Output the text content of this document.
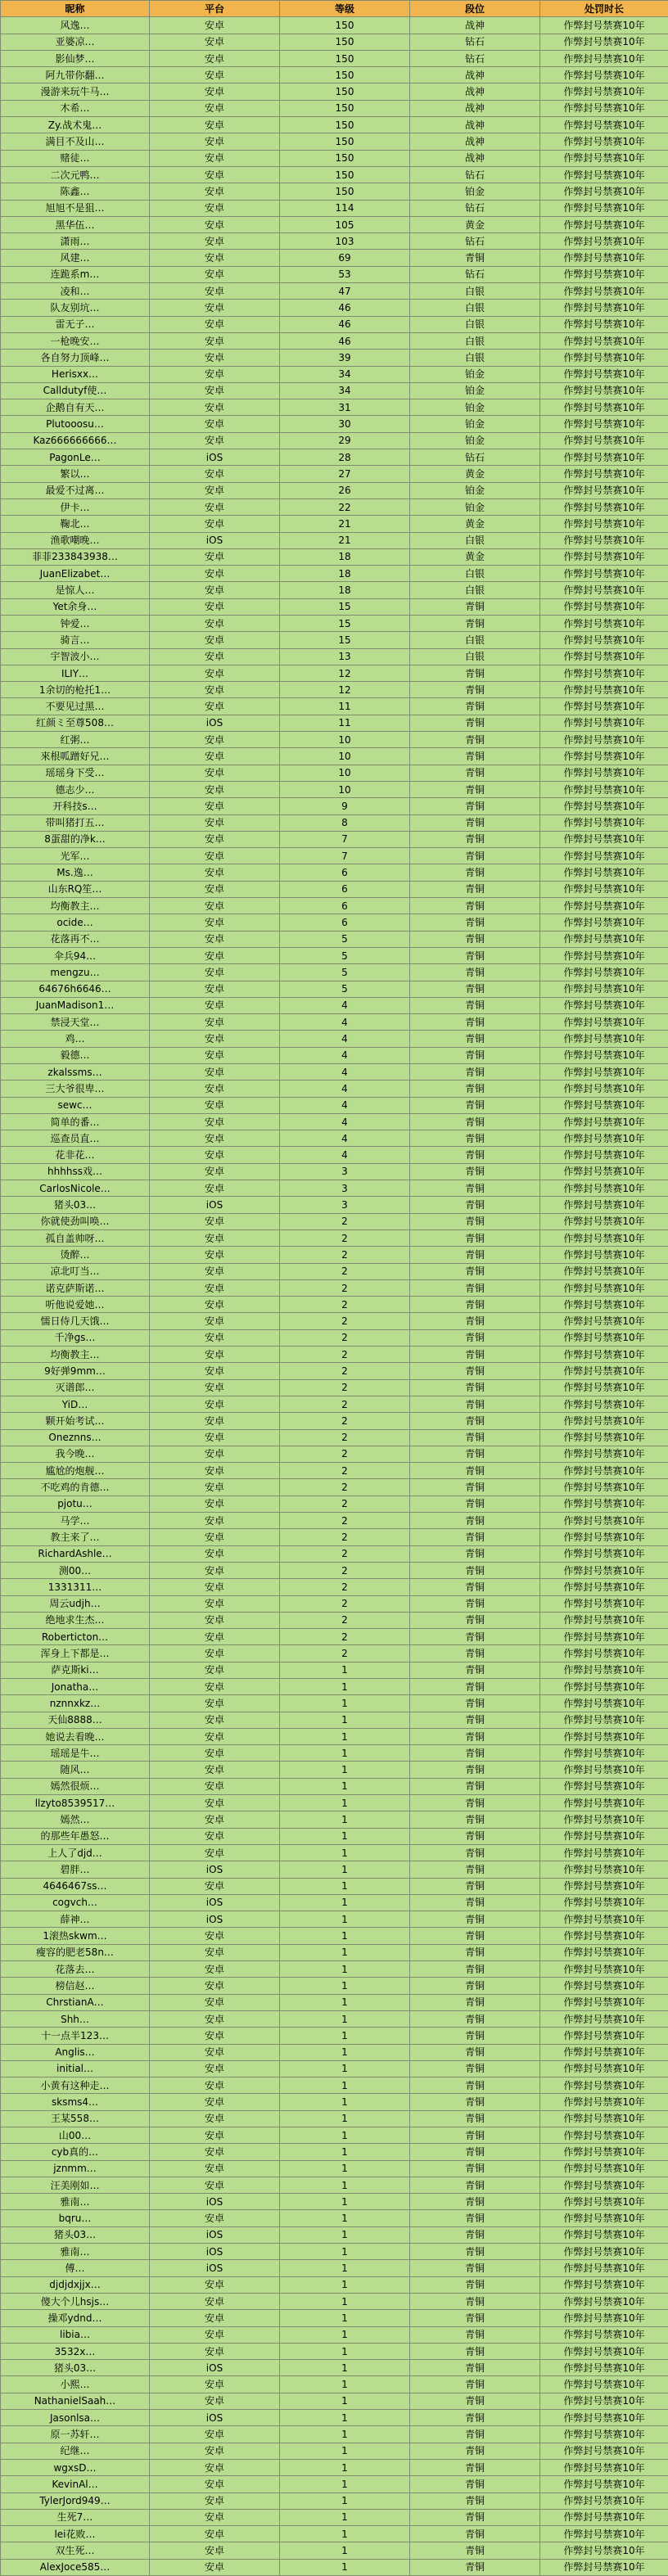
昵称	平台	等级	段位	处罚时长
风逸…	安卓	150	战神	作弊封号禁赛10年
亚婆凉…	安卓	150	钻石	作弊封号禁赛10年
影仙梦…	安卓	150	钻石	作弊封号禁赛10年
阿九带你翻…	安卓	150	战神	作弊封号禁赛10年
漫游来玩牛马…	安卓	150	战神	作弊封号禁赛10年
木希…	安卓	150	战神	作弊封号禁赛10年
Zy.战术鬼…	安卓	150	战神	作弊封号禁赛10年
满目不及山…	安卓	150	战神	作弊封号禁赛10年
赌徒…	安卓	150	战神	作弊封号禁赛10年
二次元鸭…	安卓	150	钻石	作弊封号禁赛10年
陈鑫…	安卓	150	铂金	作弊封号禁赛10年
旭旭不是狙…	安卓	114	钻石	作弊封号禁赛10年
黑华伍…	安卓	105	黄金	作弊封号禁赛10年
潇雨…	安卓	103	钻石	作弊封号禁赛10年
风建…	安卓	69	青铜	作弊封号禁赛10年
连跪系m…	安卓	53	钻石	作弊封号禁赛10年
凌和…	安卓	47	白银	作弊封号禁赛10年
队友别坑…	安卓	46	白银	作弊封号禁赛10年
雷无子…	安卓	46	白银	作弊封号禁赛10年
一枪晚安…	安卓	46	白银	作弊封号禁赛10年
各自努力顶峰…	安卓	39	白银	作弊封号禁赛10年
Herisxx…	安卓	34	铂金	作弊封号禁赛10年
Calldutyf使…	安卓	34	铂金	作弊封号禁赛10年
企鹅自有天…	安卓	31	铂金	作弊封号禁赛10年
Plutooosu…	安卓	30	铂金	作弊封号禁赛10年
Kaz666666666…	安卓	29	铂金	作弊封号禁赛10年
PagonLe…	iOS	28	钻石	作弊封号禁赛10年
繁以…	安卓	27	黄金	作弊封号禁赛10年
最爱不过离…	安卓	26	铂金	作弊封号禁赛10年
伊卡…	安卓	22	铂金	作弊封号禁赛10年
鞠北…	安卓	21	黄金	作弊封号禁赛10年
渔歌嘲晚…	iOS	21	白银	作弊封号禁赛10年
菲菲233843938…	安卓	18	黄金	作弊封号禁赛10年
JuanElizabet…	安卓	18	白银	作弊封号禁赛10年
是惊人…	安卓	18	白银	作弊封号禁赛10年
Yet余身…	安卓	15	青铜	作弊封号禁赛10年
钟爱…	安卓	15	青铜	作弊封号禁赛10年
骑言…	安卓	15	白银	作弊封号禁赛10年
宇智波小…	安卓	13	白银	作弊封号禁赛10年
ILIY…	安卓	12	青铜	作弊封号禁赛10年
1余切的枪托1…	安卓	12	青铜	作弊封号禁赛10年
不要见过黑…	安卓	11	青铜	作弊封号禁赛10年
红颜ミ至尊508…	iOS	11	青铜	作弊封号禁赛10年
红粥…	安卓	10	青铜	作弊封号禁赛10年
來根呱蹭好兄…	安卓	10	青铜	作弊封号禁赛10年
瑶瑶身下受…	安卓	10	青铜	作弊封号禁赛10年
德志少…	安卓	10	青铜	作弊封号禁赛10年
开科技s…	安卓	9	青铜	作弊封号禁赛10年
带叫猪打五…	安卓	8	青铜	作弊封号禁赛10年
8蛋甜的净k…	安卓	7	青铜	作弊封号禁赛10年
光军…	安卓	7	青铜	作弊封号禁赛10年
Ms.逸…	安卓	6	青铜	作弊封号禁赛10年
山东RQ笙…	安卓	6	青铜	作弊封号禁赛10年
均衡教主…	安卓	6	青铜	作弊封号禁赛10年
ocide…	安卓	6	青铜	作弊封号禁赛10年
花落再不…	安卓	5	青铜	作弊封号禁赛10年
伞兵94…	安卓	5	青铜	作弊封号禁赛10年
mengzu…	安卓	5	青铜	作弊封号禁赛10年
64676h6646…	安卓	5	青铜	作弊封号禁赛10年
JuanMadison1…	安卓	4	青铜	作弊封号禁赛10年
禁浸天堂…	安卓	4	青铜	作弊封号禁赛10年
鸡…	安卓	4	青铜	作弊封号禁赛10年
毅德…	安卓	4	青铜	作弊封号禁赛10年
zkalssms…	安卓	4	青铜	作弊封号禁赛10年
三大爷很卑…	安卓	4	青铜	作弊封号禁赛10年
sewc…	安卓	4	青铜	作弊封号禁赛10年
简单的番…	安卓	4	青铜	作弊封号禁赛10年
巡查员直…	安卓	4	青铜	作弊封号禁赛10年
花非花…	安卓	4	青铜	作弊封号禁赛10年
hhhhss戏…	安卓	3	青铜	作弊封号禁赛10年
CarlosNicole…	安卓	3	青铜	作弊封号禁赛10年
猪头03…	iOS	3	青铜	作弊封号禁赛10年
你就使劲叫唤…	安卓	2	青铜	作弊封号禁赛10年
孤自盖帅呀…	安卓	2	青铜	作弊封号禁赛10年
烫醉…	安卓	2	青铜	作弊封号禁赛10年
凉北叮当…	安卓	2	青铜	作弊封号禁赛10年
诺克萨斯诺…	安卓	2	青铜	作弊封号禁赛10年
听他说爱她…	安卓	2	青铜	作弊封号禁赛10年
懦日侍几天饿…	安卓	2	青铜	作弊封号禁赛10年
千净gs…	安卓	2	青铜	作弊封号禁赛10年
均衡教主…	安卓	2	青铜	作弊封号禁赛10年
9好弹9mm…	安卓	2	青铜	作弊封号禁赛10年
灭谱郎…	安卓	2	青铜	作弊封号禁赛10年
YiD…	安卓	2	青铜	作弊封号禁赛10年
颗开始考试…	安卓	2	青铜	作弊封号禁赛10年
Oneznns…	安卓	2	青铜	作弊封号禁赛10年
我今晚…	安卓	2	青铜	作弊封号禁赛10年
尴尬的炮舰…	安卓	2	青铜	作弊封号禁赛10年
不吃鸡的肯德…	安卓	2	青铜	作弊封号禁赛10年
pjotu…	安卓	2	青铜	作弊封号禁赛10年
马学…	安卓	2	青铜	作弊封号禁赛10年
教主来了…	安卓	2	青铜	作弊封号禁赛10年
RichardAshle…	安卓	2	青铜	作弊封号禁赛10年
测00…	安卓	2	青铜	作弊封号禁赛10年
1331311…	安卓	2	青铜	作弊封号禁赛10年
周云udjh…	安卓	2	青铜	作弊封号禁赛10年
绝地求生杰…	安卓	2	青铜	作弊封号禁赛10年
Roberticton…	安卓	2	青铜	作弊封号禁赛10年
浑身上下都是…	安卓	2	青铜	作弊封号禁赛10年
萨克斯ki…	安卓	1	青铜	作弊封号禁赛10年
Jonatha…	安卓	1	青铜	作弊封号禁赛10年
nznnxkz…	安卓	1	青铜	作弊封号禁赛10年
天仙8888…	安卓	1	青铜	作弊封号禁赛10年
她说去看晚…	安卓	1	青铜	作弊封号禁赛10年
瑶瑶是牛…	安卓	1	青铜	作弊封号禁赛10年
随风…	安卓	1	青铜	作弊封号禁赛10年
嫣然很烦…	安卓	1	青铜	作弊封号禁赛10年
llzyto8539517…	安卓	1	青铜	作弊封号禁赛10年
嫣然…	安卓	1	青铜	作弊封号禁赛10年
的那些年愚怒…	安卓	1	青铜	作弊封号禁赛10年
上人了djd…	安卓	1	青铜	作弊封号禁赛10年
碧胖…	iOS	1	青铜	作弊封号禁赛10年
4646467ss…	安卓	1	青铜	作弊封号禁赛10年
cogvch…	iOS	1	青铜	作弊封号禁赛10年
薛神…	iOS	1	青铜	作弊封号禁赛10年
1滚热skwm…	安卓	1	青铜	作弊封号禁赛10年
瘦容的肥老58n…	安卓	1	青铜	作弊封号禁赛10年
花落去…	安卓	1	青铜	作弊封号禁赛10年
榜信赵…	安卓	1	青铜	作弊封号禁赛10年
ChrstianA…	安卓	1	青铜	作弊封号禁赛10年
Shh…	安卓	1	青铜	作弊封号禁赛10年
十一点半123…	安卓	1	青铜	作弊封号禁赛10年
Anglis…	安卓	1	青铜	作弊封号禁赛10年
initial…	安卓	1	青铜	作弊封号禁赛10年
小黄有这种走…	安卓	1	青铜	作弊封号禁赛10年
sksms4…	安卓	1	青铜	作弊封号禁赛10年
王某558…	安卓	1	青铜	作弊封号禁赛10年
山00…	安卓	1	青铜	作弊封号禁赛10年
cyb真的…	安卓	1	青铜	作弊封号禁赛10年
jznmm…	安卓	1	青铜	作弊封号禁赛10年
汪美刚如…	安卓	1	青铜	作弊封号禁赛10年
雅南…	iOS	1	青铜	作弊封号禁赛10年
bqru…	安卓	1	青铜	作弊封号禁赛10年
猪头03…	iOS	1	青铜	作弊封号禁赛10年
雅南…	iOS	1	青铜	作弊封号禁赛10年
傅…	iOS	1	青铜	作弊封号禁赛10年
djdjdxjjx…	安卓	1	青铜	作弊封号禁赛10年
傻大个儿hsjs…	安卓	1	青铜	作弊封号禁赛10年
操邓ydnd…	安卓	1	青铜	作弊封号禁赛10年
libia…	安卓	1	青铜	作弊封号禁赛10年
3532x…	安卓	1	青铜	作弊封号禁赛10年
猪头03…	iOS	1	青铜	作弊封号禁赛10年
小熙…	安卓	1	青铜	作弊封号禁赛10年
NathanielSaah…	安卓	1	青铜	作弊封号禁赛10年
Jasonlsa…	iOS	1	青铜	作弊封号禁赛10年
原一苏轩…	安卓	1	青铜	作弊封号禁赛10年
纪继…	安卓	1	青铜	作弊封号禁赛10年
wgxsD…	安卓	1	青铜	作弊封号禁赛10年
KevinAl…	安卓	1	青铜	作弊封号禁赛10年
TylerJord949…	安卓	1	青铜	作弊封号禁赛10年
生死7…	安卓	1	青铜	作弊封号禁赛10年
lei花败…	安卓	1	青铜	作弊封号禁赛10年
双生死…	安卓	1	青铜	作弊封号禁赛10年
AlexJoce585…	安卓	1	青铜	作弊封号禁赛10年
